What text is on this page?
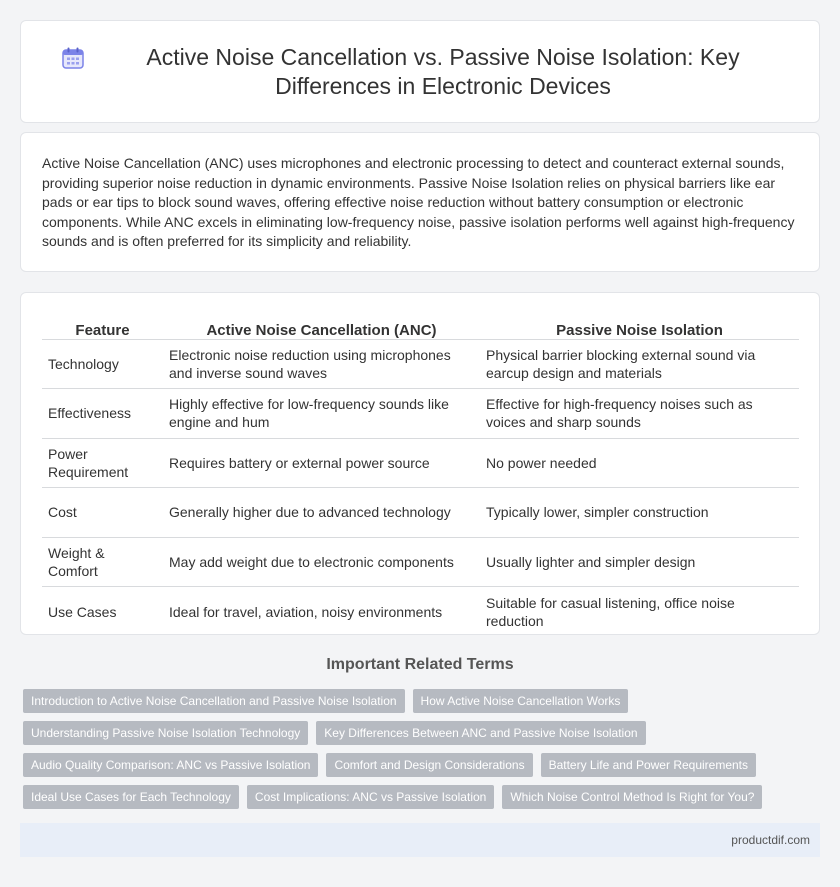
Active Noise Cancellation vs. Passive Noise Isolation: Key Differences in Electronic Devices

Active Noise Cancellation (ANC) uses microphones and electronic processing to detect and counteract external sounds, providing superior noise reduction in dynamic environments. Passive Noise Isolation relies on physical barriers like ear pads or ear tips to block sound waves, offering effective noise reduction without battery consumption or electronic components. While ANC excels in eliminating low-frequency noise, passive isolation performs well against high-frequency sounds and is often preferred for its simplicity and reliability.

Feature	Active Noise Cancellation (ANC)	Passive Noise Isolation
Technology	Electronic noise reduction using microphones and inverse sound waves	Physical barrier blocking external sound via earcup design and materials
Effectiveness	Highly effective for low-frequency sounds like engine and hum	Effective for high-frequency noises such as voices and sharp sounds
Power Requirement	Requires battery or external power source	No power needed
Cost	Generally higher due to advanced technology	Typically lower, simpler construction
Weight & Comfort	May add weight due to electronic components	Usually lighter and simpler design
Use Cases	Ideal for travel, aviation, noisy environments	Suitable for casual listening, office noise reduction
Important Related Terms
Introduction to Active Noise Cancellation and Passive Noise Isolation	How Active Noise Cancellation Works
Understanding Passive Noise Isolation Technology	Key Differences Between ANC and Passive Noise Isolation
Audio Quality Comparison: ANC vs Passive Isolation	Comfort and Design Considerations	Battery Life and Power Requirements
Ideal Use Cases for Each Technology	Cost Implications: ANC vs Passive Isolation	Which Noise Control Method Is Right for You?
productdif.com
